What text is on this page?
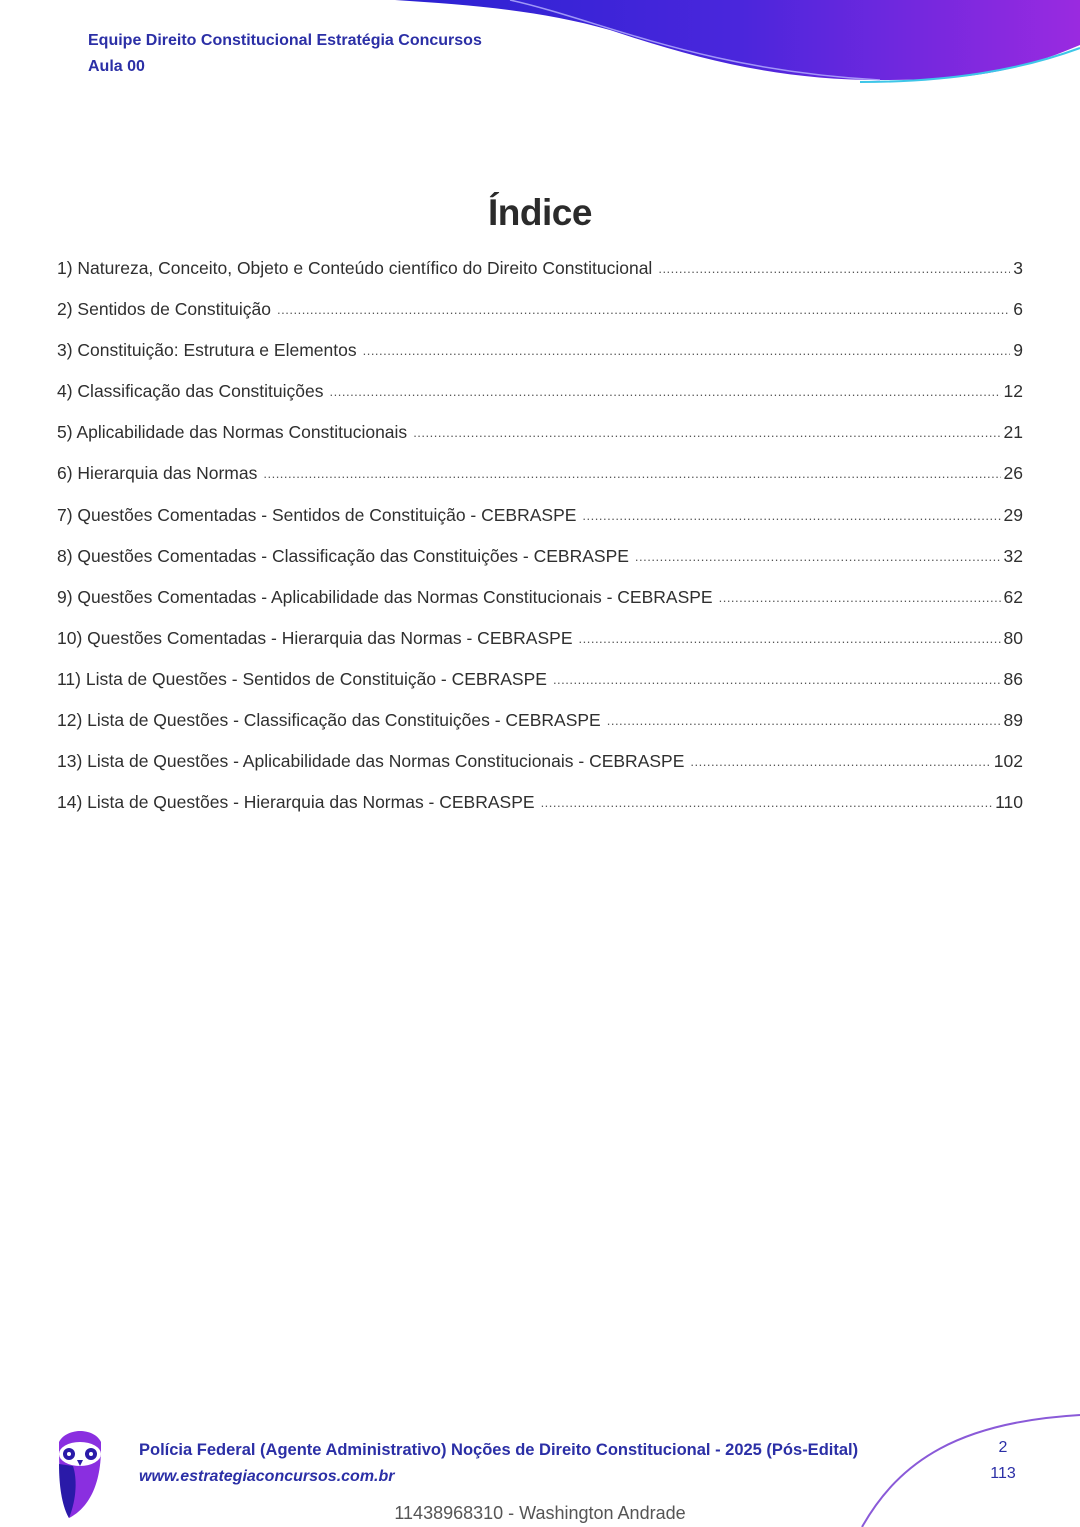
Equipe Direito Constitucional Estratégia Concursos
Aula 00
Índice
1) Natureza, Conceito, Objeto e Conteúdo científico do Direito Constitucional .....	3
2) Sentidos de Constituição .....	6
3) Constituição: Estrutura e Elementos .....	9
4) Classificação das Constituições .....	12
5) Aplicabilidade das Normas Constitucionais .....	21
6) Hierarquia das Normas .....	26
7) Questões Comentadas - Sentidos de Constituição - CEBRASPE .....	29
8) Questões Comentadas - Classificação das Constituições - CEBRASPE .....	32
9) Questões Comentadas - Aplicabilidade das Normas Constitucionais - CEBRASPE .....	62
10) Questões Comentadas - Hierarquia das Normas - CEBRASPE .....	80
11) Lista de Questões - Sentidos de Constituição - CEBRASPE .....	86
12) Lista de Questões - Classificação das Constituições - CEBRASPE .....	89
13) Lista de Questões - Aplicabilidade das Normas Constitucionais - CEBRASPE .....	102
14) Lista de Questões - Hierarquia das Normas - CEBRASPE .....	110
Polícia Federal (Agente Administrativo) Noções de Direito Constitucional - 2025 (Pós-Edital)
www.estrategiaconcursos.com.br
2
113
11438968310 - Washington Andrade
